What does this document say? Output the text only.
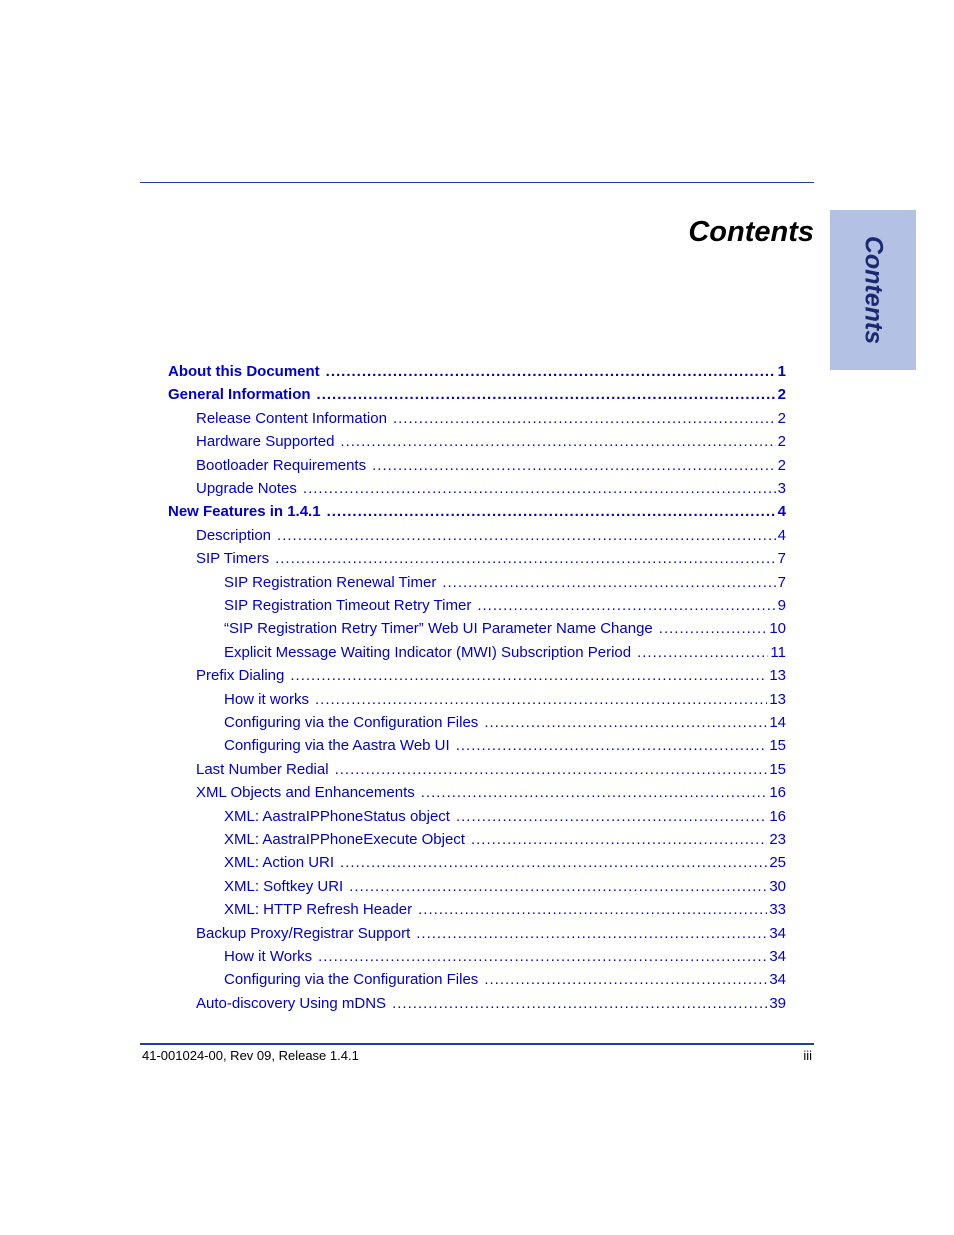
Contents
Contents
About this Document .....	1
General Information .....	2
Release Content Information .....	2
Hardware Supported .....	2
Bootloader Requirements .....	2
Upgrade Notes .....	3
New Features in 1.4.1 .....	4
Description .....	4
SIP Timers .....	7
SIP Registration Renewal Timer .....	7
SIP Registration Timeout Retry Timer .....	9
“SIP Registration Retry Timer” Web UI Parameter Name Change .....	10
Explicit Message Waiting Indicator (MWI) Subscription Period .....	11
Prefix Dialing .....	13
How it works .....	13
Configuring via the Configuration Files .....	14
Configuring via the Aastra Web UI .....	15
Last Number Redial .....	15
XML Objects and Enhancements .....	16
XML: AastraIPPhoneStatus object .....	16
XML: AastraIPPhoneExecute Object .....	23
XML: Action URI .....	25
XML: Softkey URI .....	30
XML: HTTP Refresh Header .....	33
Backup Proxy/Registrar Support .....	34
How it Works .....	34
Configuring via the Configuration Files .....	34
Auto-discovery Using mDNS .....	39
41-001024-00, Rev 09, Release 1.4.1	iii
